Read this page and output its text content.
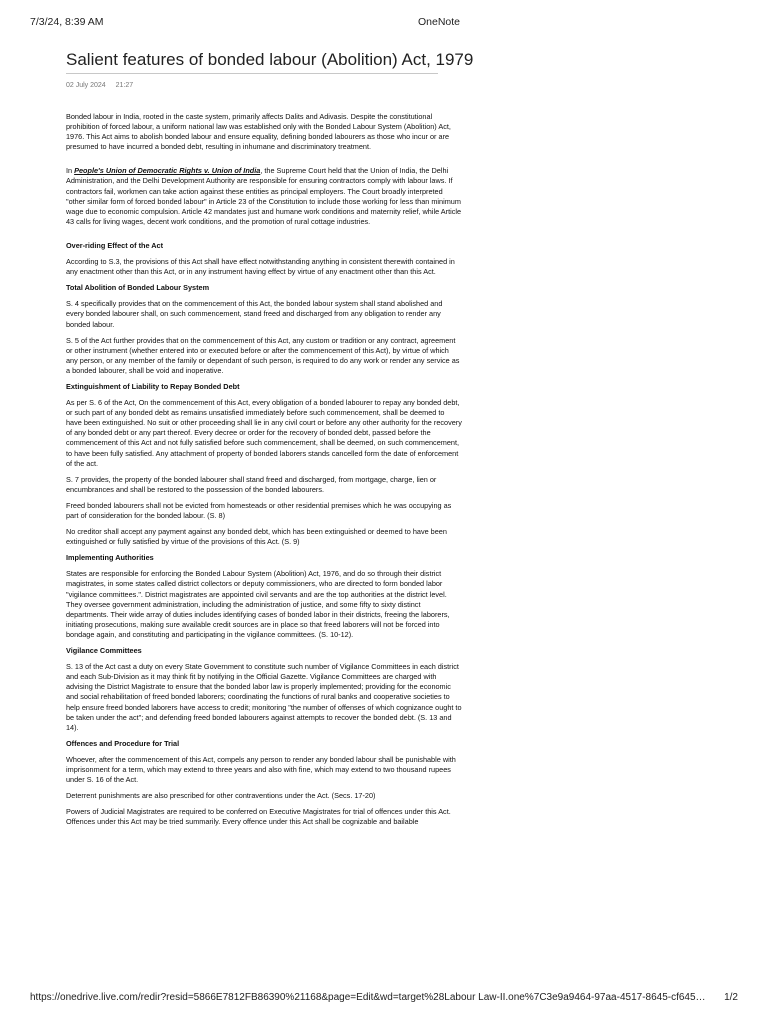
7/3/24, 8:39 AM	OneNote
Salient features of bonded labour (Abolition) Act, 1979
02 July 2024 21:27

Bonded labour in India, rooted in the caste system, primarily affects Dalits and Adivasis. Despite the constitutional prohibition of forced labour, a uniform national law was established only with the Bonded Labour System (Abolition) Act, 1976. This Act aims to abolish bonded labour and ensure equality, defining bonded labourers as those who incur or are presumed to have incurred a bonded debt, resulting in inhumane and discriminatory treatment.

In People's Union of Democratic Rights v. Union of India, the Supreme Court held that the Union of India, the Delhi Administration, and the Delhi Development Authority are responsible for ensuring contractors comply with labour laws. If contractors fail, workmen can take action against these entities as principal employers. The Court broadly interpreted "other similar form of forced bonded labour" in Article 23 of the Constitution to include those working for less than minimum wage due to economic compulsion. Article 42 mandates just and humane work conditions and maternity relief, while Article 43 calls for living wages, decent work conditions, and the promotion of rural cottage industries.

Over-riding Effect of the Act

According to S.3, the provisions of this Act shall have effect notwithstanding anything in consistent therewith contained in any enactment other than this Act, or in any instrument having effect by virtue of any enactment other than this Act.

Total Abolition of Bonded Labour System

S. 4 specifically provides that on the commencement of this Act, the bonded labour system shall stand abolished and every bonded labourer shall, on such commencement, stand freed and discharged from any obligation to render any bonded labour.

S. 5 of the Act further provides that on the commencement of this Act, any custom or tradition or any contract, agreement or other instrument (whether entered into or executed before or after the commencement of this Act), by virtue of which any person, or any member of the family or dependant of such person, is required to do any work or render any service as a bonded labourer, shall be void and inoperative.

Extinguishment of Liability to Repay Bonded Debt

As per S. 6 of the Act, On the commencement of this Act, every obligation of a bonded labourer to repay any bonded debt, or such part of any bonded debt as remains unsatisfied immediately before such commencement, shall be deemed to have been extinguished. No suit or other proceeding shall lie in any civil court or before any other authority for the recovery of any bonded debt or any part thereof. Every decree or order for the recovery of bonded debt, passed before the commencement of this Act and not fully satisfied before such commencement, shall be deemed, on such commencement, to have been fully satisfied. Any attachment of property of bonded laborers stands cancelled form the date of enforcement of the act.

S. 7 provides, the property of the bonded labourer shall stand freed and discharged, from mortgage, charge, lien or encumbrances and shall be restored to the possession of the bonded labourers.

Freed bonded labourers shall not be evicted from homesteads or other residential premises which he was occupying as part of consideration for the bonded labour. (S. 8)

No creditor shall accept any payment against any bonded debt, which has been extinguished or deemed to have been extinguished or fully satisfied by virtue of the provisions of this Act. (S. 9)

Implementing Authorities

States are responsible for enforcing the Bonded Labour System (Abolition) Act, 1976, and do so through their district magistrates, in some states called district collectors or deputy commissioners, who are directed to form bonded labor "vigilance committees.". District magistrates are appointed civil servants and are the top authorities at the district level. They oversee government administration, including the administration of justice, and some fifty to sixty distinct departments. Their wide array of duties includes identifying cases of bonded labor in their districts, freeing the laborers, initiating prosecutions, making sure available credit sources are in place so that freed laborers will not be forced into bondage again, and constituting and participating in the vigilance committees. (S. 10-12).

Vigilance Committees

S. 13 of the Act cast a duty on every State Government to constitute such number of Vigilance Committees in each district and each Sub-Division as it may think fit by notifying in the Official Gazette. Vigilance Committees are charged with advising the District Magistrate to ensure that the bonded labor law is properly implemented; providing for the economic and social rehabilitation of freed bonded laborers; coordinating the functions of rural banks and cooperative societies to help ensure freed bonded laborers have access to credit; monitoring "the number of offenses of which cognizance ought to be taken under the act"; and defending freed bonded labourers against attempts to recover the bonded debt. (S. 13 and 14).

Offences and Procedure for Trial

Whoever, after the commencement of this Act, compels any person to render any bonded labour shall be punishable with imprisonment for a term, which may extend to three years and also with fine, which may extend to two thousand rupees under S. 16 of the Act.

Deterrent punishments are also prescribed for other contraventions under the Act. (Secs. 17-20)

Powers of Judicial Magistrates are required to be conferred on Executive Magistrates for trial of offences under this Act. Offences under this Act may be tried summarily. Every offence under this Act shall be cognizable and bailable

https://onedrive.live.com/redir?resid=5866E7812FB86390%21168&page=Edit&wd=target%28Labour Law-II.one%7C3e9a9464-97aa-4517-8645-cf645…	1/2
